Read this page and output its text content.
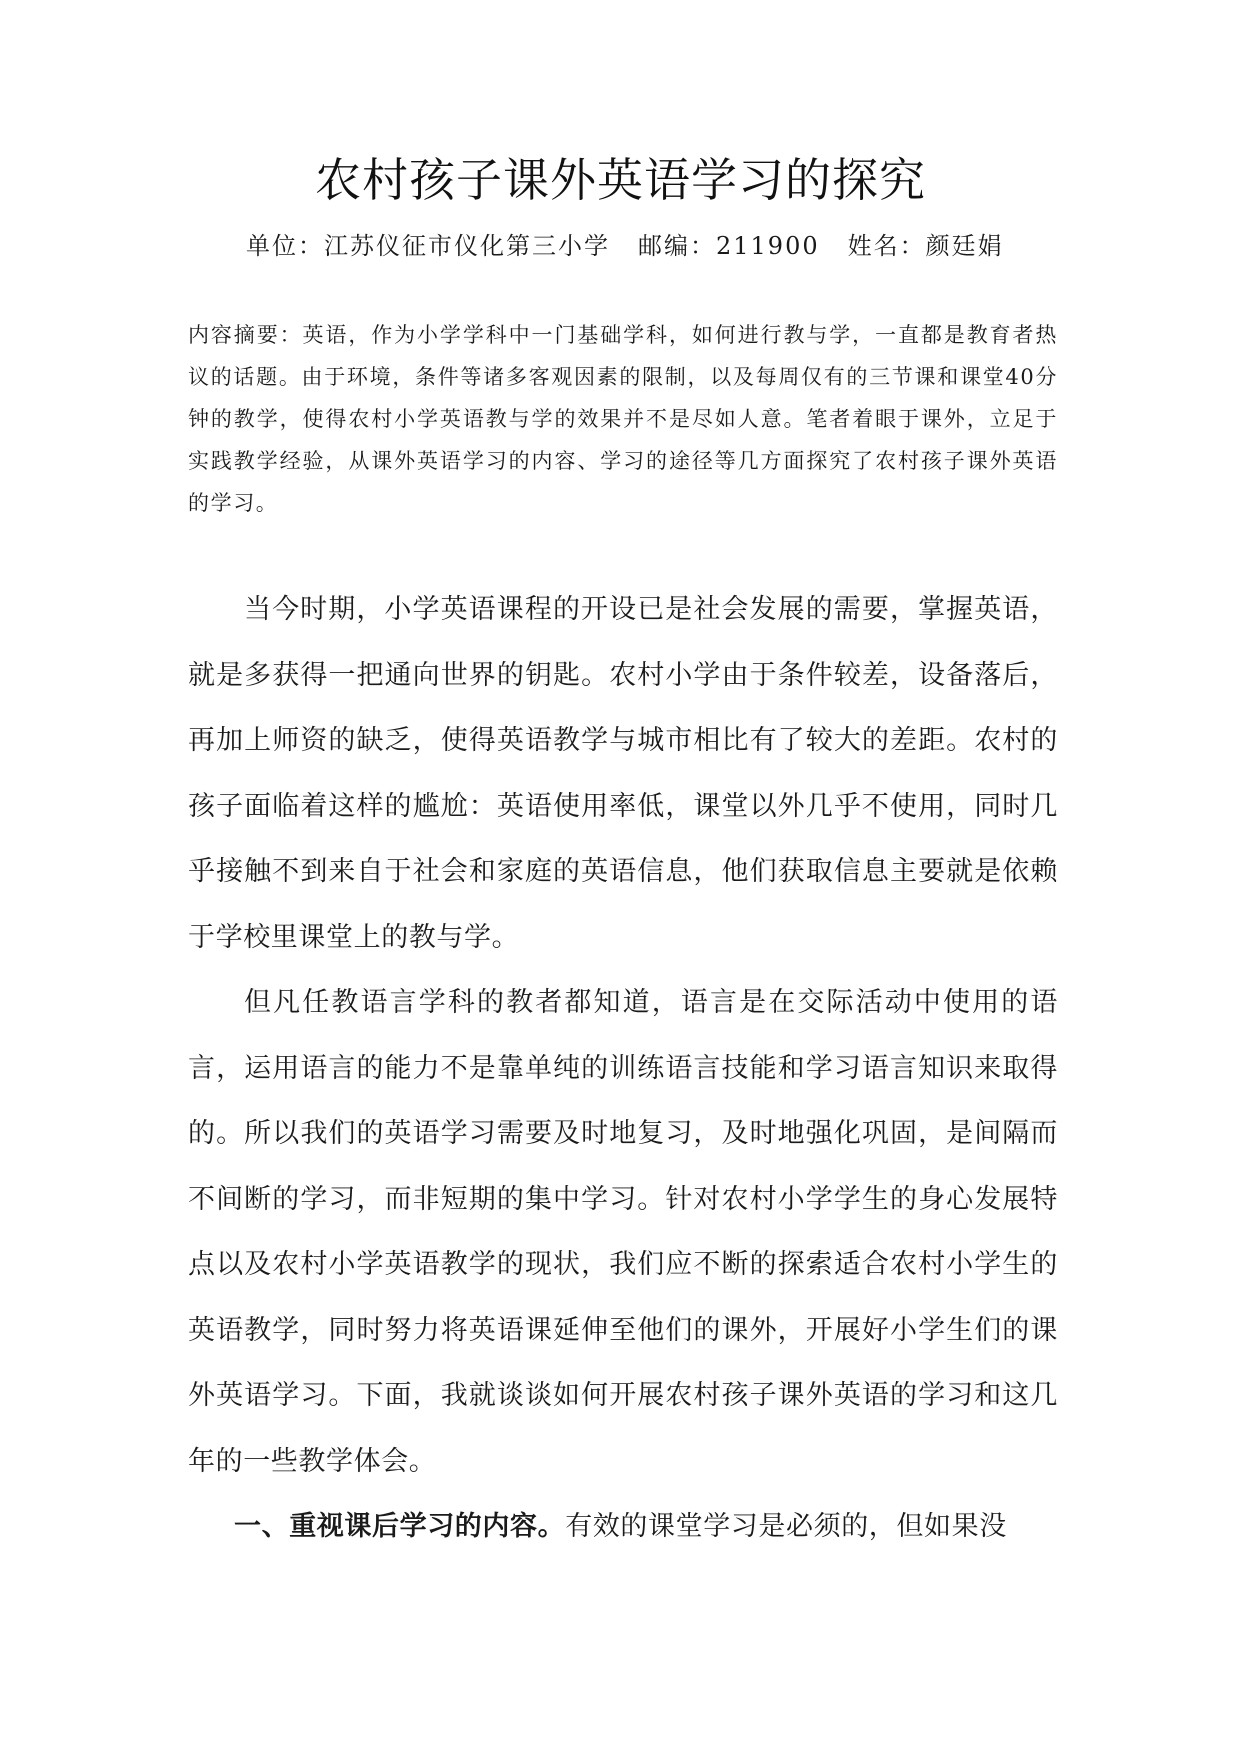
农村孩子课外英语学习的探究
单位：江苏仪征市仪化第三小学 邮编：211900 姓名：颜廷娟

内容摘要：英语，作为小学学科中一门基础学科，如何进行教与学，一直都是教育者热议的话题。由于环境，条件等诸多客观因素的限制，以及每周仅有的三节课和课堂40分钟的教学，使得农村小学英语教与学的效果并不是尽如人意。笔者着眼于课外，立足于实践教学经验，从课外英语学习的内容、学习的途径等几方面探究了农村孩子课外英语的学习。

当今时期，小学英语课程的开设已是社会发展的需要，掌握英语，就是多获得一把通向世界的钥匙。农村小学由于条件较差，设备落后，再加上师资的缺乏，使得英语教学与城市相比有了较大的差距。农村的孩子面临着这样的尴尬：英语使用率低，课堂以外几乎不使用，同时几乎接触不到来自于社会和家庭的英语信息，他们获取信息主要就是依赖于学校里课堂上的教与学。

但凡任教语言学科的教者都知道，语言是在交际活动中使用的语言，运用语言的能力不是靠单纯的训练语言技能和学习语言知识来取得的。所以我们的英语学习需要及时地复习，及时地强化巩固，是间隔而不间断的学习，而非短期的集中学习。针对农村小学学生的身心发展特点以及农村小学英语教学的现状，我们应不断的探索适合农村小学生的英语教学，同时努力将英语课延伸至他们的课外，开展好小学生们的课外英语学习。下面，我就谈谈如何开展农村孩子课外英语的学习和这几年的一些教学体会。

一、重视课后学习的内容。有效的课堂学习是必须的，但如果没
